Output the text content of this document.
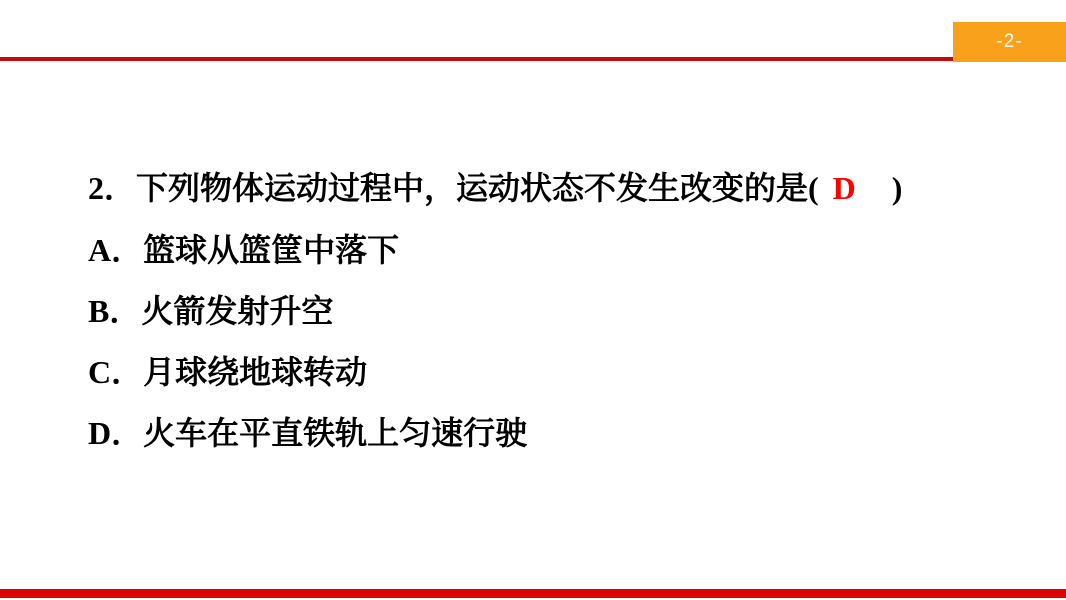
-2-
2．下列物体运动过程中，运动状态不发生改变的是( D )
A．篮球从篮筐中落下
B．火箭发射升空
C．月球绕地球转动
D．火车在平直铁轨上匀速行驶
